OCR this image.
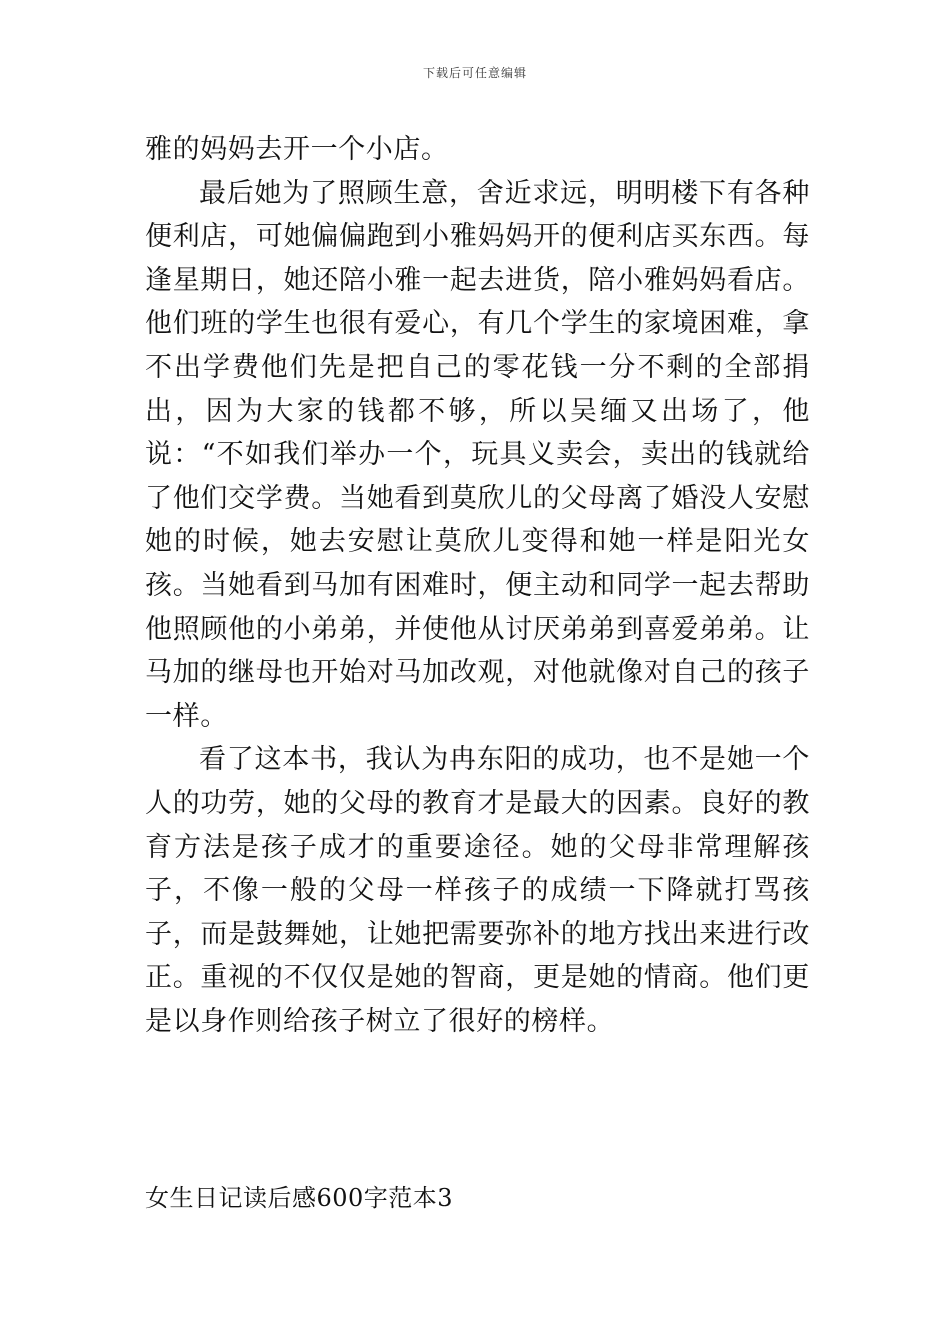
下载后可任意编辑

雅的妈妈去开一个小店。

最后她为了照顾生意，舍近求远，明明楼下有各种便利店，可她偏偏跑到小雅妈妈开的便利店买东西。每逢星期日，她还陪小雅一起去进货，陪小雅妈妈看店。他们班的学生也很有爱心，有几个学生的家境困难，拿不出学费他们先是把自己的零花钱一分不剩的全部捐出，因为大家的钱都不够，所以吴缅又出场了，他说：“不如我们举办一个，玩具义卖会，卖出的钱就给了他们交学费。当她看到莫欣儿的父母离了婚没人安慰她的时候，她去安慰让莫欣儿变得和她一样是阳光女孩。当她看到马加有困难时，便主动和同学一起去帮助他照顾他的小弟弟，并使他从讨厌弟弟到喜爱弟弟。让马加的继母也开始对马加改观，对他就像对自己的孩子一样。

看了这本书，我认为冉东阳的成功，也不是她一个人的功劳，她的父母的教育才是最大的因素。良好的教育方法是孩子成才的重要途径。她的父母非常理解孩子，不像一般的父母一样孩子的成绩一下降就打骂孩子，而是鼓舞她，让她把需要弥补的地方找出来进行改正。重视的不仅仅是她的智商，更是她的情商。他们更是以身作则给孩子树立了很好的榜样。

女生日记读后感600字范本3
